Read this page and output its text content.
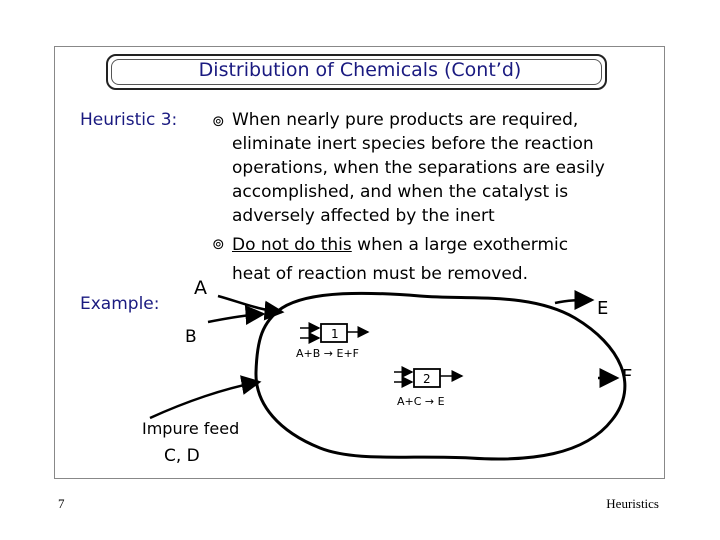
Distribution of Chemicals (Cont’d)
Heuristic 3: ⊚ When nearly pure products are required, eliminate inert species before the reaction operations, when the separations are easily accomplished, and when the catalyst is adversely affected by the inert
⊚ Do not do this when a large exothermic heat of reaction must be removed.
Example:
A
B
E
F
Impure feed
C, D
1
A+B → E+F
2
A+C → E
7	Heuristics
